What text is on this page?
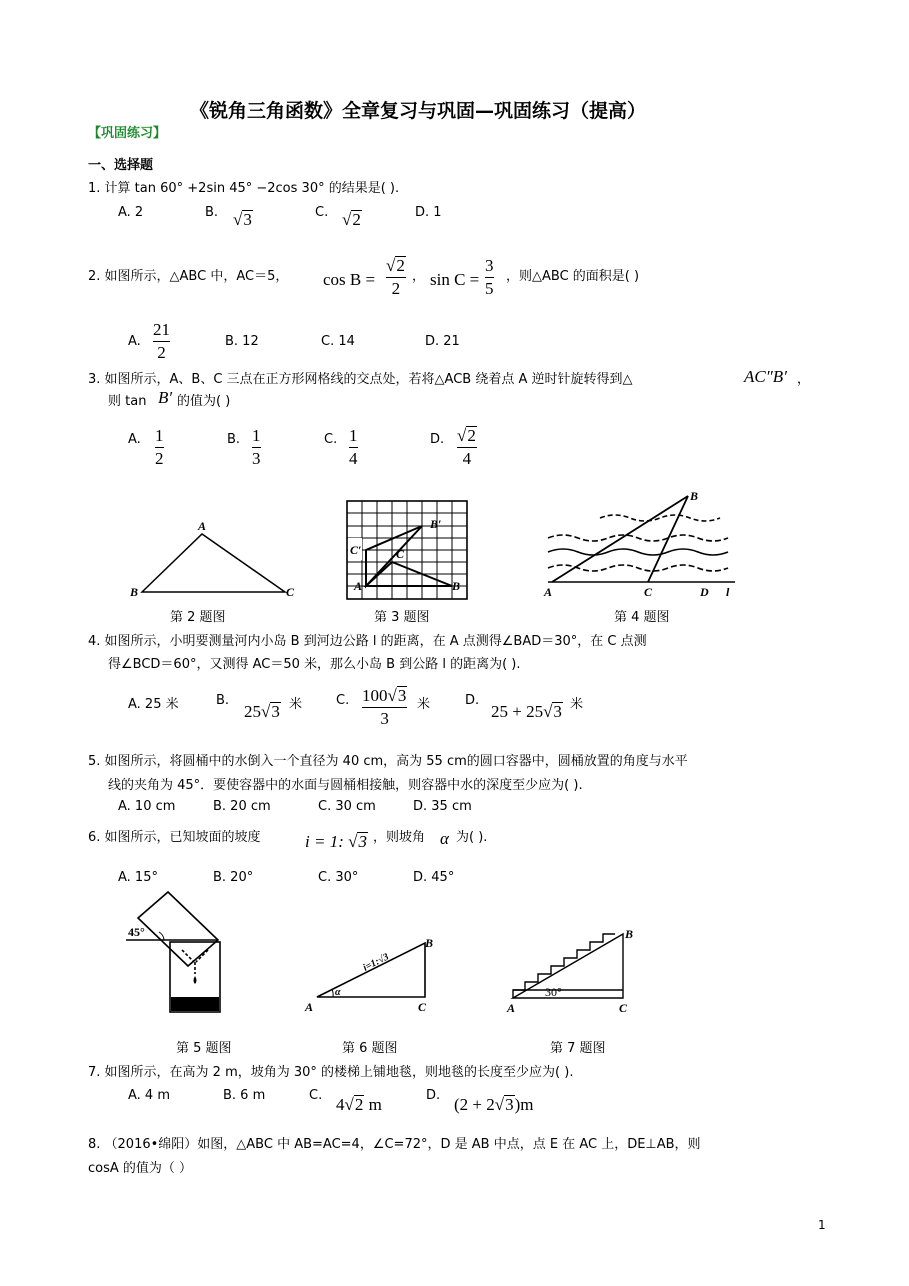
《锐角三角函数》全章复习与巩固—巩固练习（提高）
【巩固练习】
一、选择题
1. 计算 tan 60° +2sin 45° −2cos 30° 的结果是( ).
A. 2	B. √3	C. √2	D. 1
2. 如图所示，△ABC 中，AC＝5， cos B =
√2
2
， sin C =
3
5
，则△ABC 的面积是( )
A.
21
2
B. 12	C. 14	D. 21
3. 如图所示，A、B、C 三点在正方形网格线的交点处，若将△ACB 绕着点 A 逆时针旋转得到△	AC″B′ ，
则 tan B′ 的值为( )
A. 1
2
B. 1
3
C. 1
4
D. √2
4
A
B	C
第 2 题图
C′	C
B′
A	B
第 3 题图
B
A	C	D l
第 4 题图
4. 如图所示，小明要测量河内小岛 B 到河边公路 l 的距离，在 A 点测得∠BAD＝30°，在 C 点测
得∠BCD＝60°，又测得 AC＝50 米，那么小岛 B 到公路 l 的距离为( ).
A. 25 米	B.
25√3 米	C. 100√3
3
米	D.
25 + 25√3 米
5. 如图所示，将圆桶中的水倒入一个直径为 40 cm，高为 55 cm的圆口容器中，圆桶放置的角度与水平
线的夹角为 45°．要使容器中的水面与圆桶相接触，则容器中水的深度至少应为( ).
A. 10 cm	B. 20 cm	C. 30 cm	D. 35 cm
6. 如图所示，已知坡面的坡度	i = 1: √3 ，则坡角 α 为( ).
A. 15°	B. 20°	C. 30°	D. 45°
45°
第 5 题图
α
i=1:√3
A
B
C
第 6 题图
30°
A
B
C
第 7 题图
7. 如图所示，在高为 2 m，坡角为 30° 的楼梯上铺地毯，则地毯的长度至少应为( ).
A. 4 m	B. 6 m	C. 4√2 m	D. (2 + 2√3)m
8. （2016•绵阳）如图，△ABC 中 AB=AC=4，∠C=72°，D 是 AB 中点，点 E 在 AC 上，DE⊥AB，则
cosA 的值为（ ）
1
